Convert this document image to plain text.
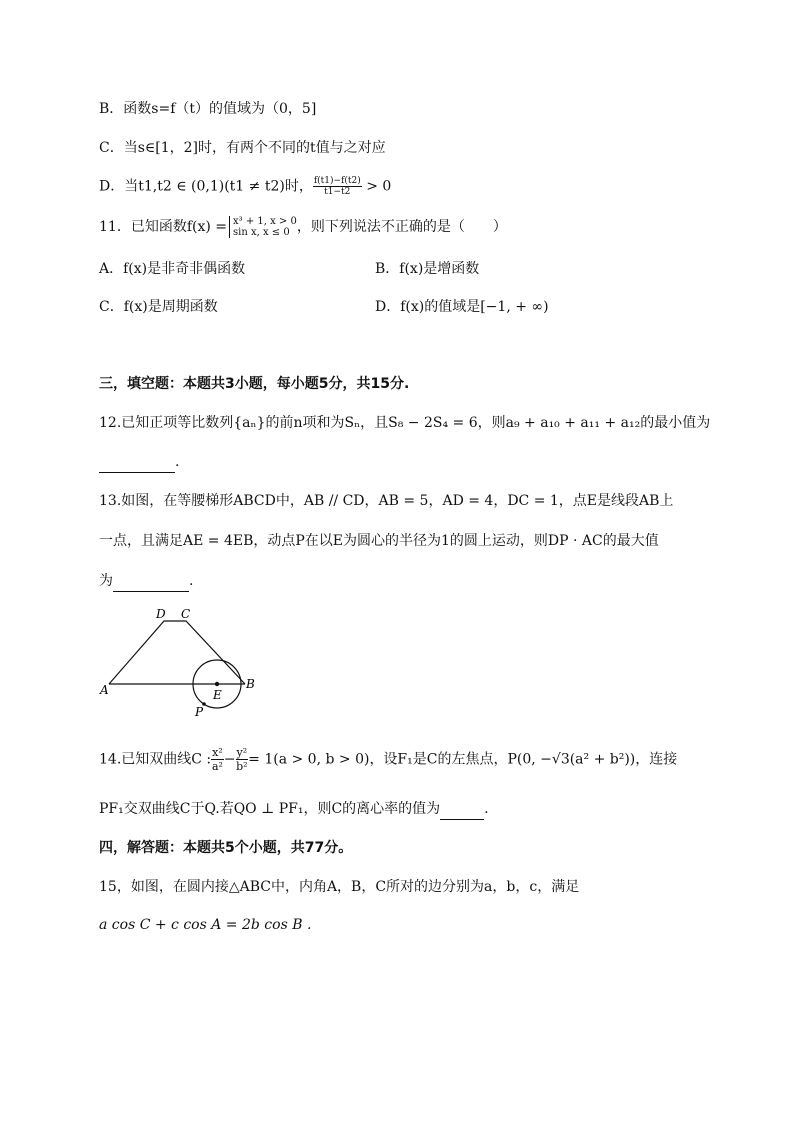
B．函数s=f（t）的值域为（0，5]
C．当s∈[1，2]时，有两个不同的t值与之对应
D．当t1,t2 ∈ (0,1)(t1 ≠ t2)时， $\frac{f(t1)-f(t2)}{t1-t2} > 0$
11．已知函数f(x) = x³ + 1, x > 0
sin x, x ≤ 0 ，则下列说法不正确的是（　　）
A．f(x)是非奇非偶函数	B．f(x)是增函数
C．f(x)是周期函数	D．f(x)的值域是[−1, + ∞)
三，填空题：本题共3小题，每小题5分，共15分.
12.已知正项等比数列{aₙ}的前n项和为Sₙ，且S₈ − 2S₄ = 6，则a₉ + a₁₀ + a₁₁ + a₁₂的最小值为
.
13.如图，在等腰梯形ABCD中，AB // CD，AB = 5，AD = 4，DC = 1，点E是线段AB上
一点，且满足AE = 4EB，动点P在以E为圆心的半径为1的圆上运动，则DP · AC的最大值
为	.
D C
A	B
E
P
14.已知双曲线C : $\frac{\text{x²}}{\text{a²}} - \frac{\text{y²}}{\text{b²}} = 1(a > 0$, b > 0)，设F₁是C的左焦点，P(0, −√3(a² + b²))，连接
PF₁交双曲线C于Q.若QO ⊥ PF₁，则C的离心率的值为	.
四，解答题：本题共5个小题，共77分。
15，如图，在圆内接△ABC中，内角A，B，C所对的边分别为a，b，c，满足
a cos C + c cos A = 2b cos B .
